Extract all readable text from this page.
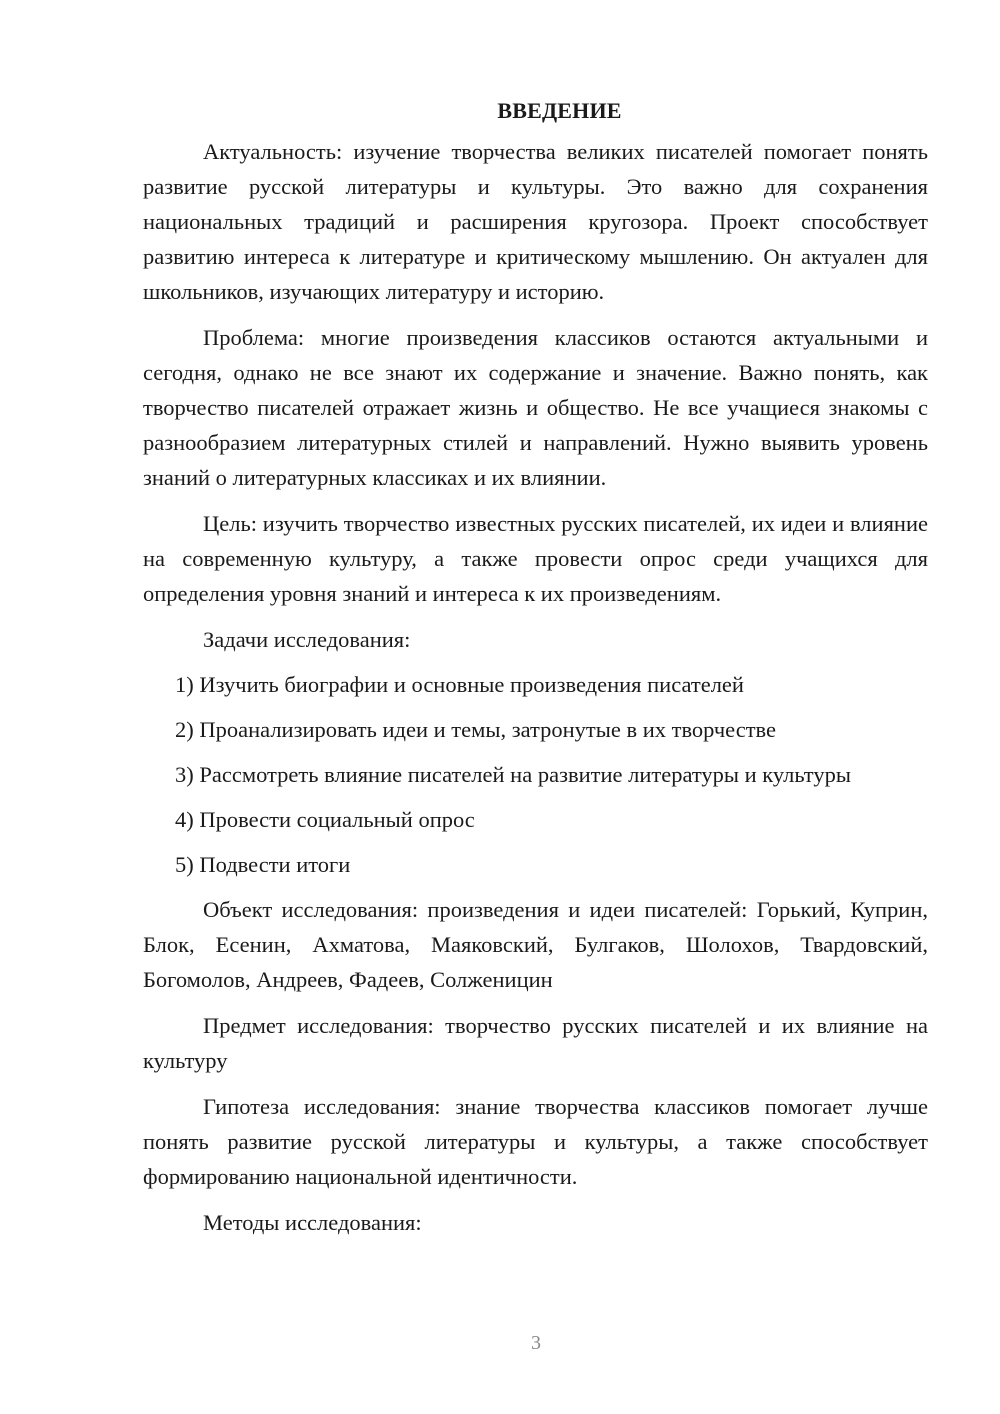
ВВЕДЕНИЕ

Актуальность: изучение творчества великих писателей помогает понять развитие русской литературы и культуры. Это важно для сохранения национальных традиций и расширения кругозора. Проект способствует развитию интереса к литературе и критическому мышлению. Он актуален для школьников, изучающих литературу и историю.

Проблема: многие произведения классиков остаются актуальными и сегодня, однако не все знают их содержание и значение. Важно понять, как творчество писателей отражает жизнь и общество. Не все учащиеся знакомы с разнообразием литературных стилей и направлений. Нужно выявить уровень знаний о литературных классиках и их влиянии.

Цель: изучить творчество известных русских писателей, их идеи и влияние на современную культуру, а также провести опрос среди учащихся для определения уровня знаний и интереса к их произведениям.

Задачи исследования:
1) Изучить биографии и основные произведения писателей
2) Проанализировать идеи и темы, затронутые в их творчестве
3) Рассмотреть влияние писателей на развитие литературы и культуры
4) Провести социальный опрос
5) Подвести итоги

Объект исследования: произведения и идеи писателей: Горький, Куприн, Блок, Есенин, Ахматова, Маяковский, Булгаков, Шолохов, Твардовский, Богомолов, Андреев, Фадеев, Солженицин

Предмет исследования: творчество русских писателей и их влияние на культуру

Гипотеза исследования: знание творчества классиков помогает лучше понять развитие русской литературы и культуры, а также способствует формированию национальной идентичности.

Методы исследования:
3
